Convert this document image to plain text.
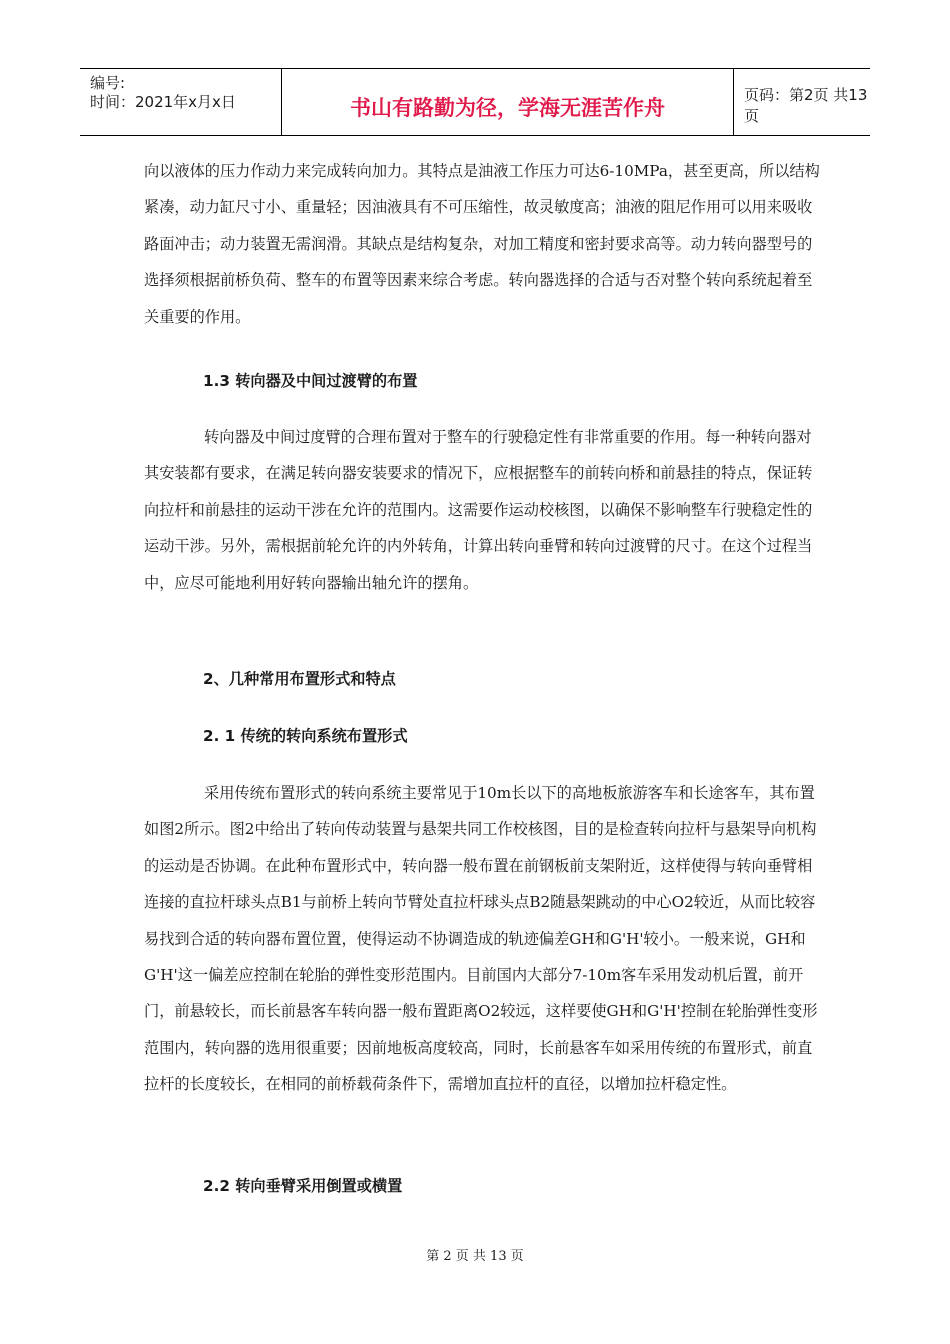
编号:
时间：2021年x月x日	书山有路勤为径，学海无涯苦作舟
页码：第2页 共13页

向以液体的压力作动力来完成转向加力。其特点是油液工作压力可达6-10MPa，甚至更高，所以结构紧凑，动力缸尺寸小、重量轻；因油液具有不可压缩性，故灵敏度高；油液的阻尼作用可以用来吸收路面冲击；动力装置无需润滑。其缺点是结构复杂，对加工精度和密封要求高等。动力转向器型号的选择须根据前桥负荷、整车的布置等因素来综合考虑。转向器选择的合适与否对整个转向系统起着至关重要的作用。

1.3 转向器及中间过渡臂的布置

转向器及中间过度臂的合理布置对于整车的行驶稳定性有非常重要的作用。每一种转向器对其安装都有要求，在满足转向器安装要求的情况下，应根据整车的前转向桥和前悬挂的特点，保证转向拉杆和前悬挂的运动干涉在允许的范围内。这需要作运动校核图，以确保不影响整车行驶稳定性的运动干涉。另外，需根据前轮允许的内外转角，计算出转向垂臂和转向过渡臂的尺寸。在这个过程当中，应尽可能地利用好转向器输出轴允许的摆角。

2、几种常用布置形式和特点
2. 1 传统的转向系统布置形式

采用传统布置形式的转向系统主要常见于10m长以下的高地板旅游客车和长途客车，其布置如图2所示。图2中给出了转向传动装置与悬架共同工作校核图，目的是检查转向拉杆与悬架导向机构的运动是否协调。在此种布置形式中，转向器一般布置在前钢板前支架附近，这样使得与转向垂臂相连接的直拉杆球头点B1与前桥上转向节臂处直拉杆球头点B2随悬架跳动的中心O2较近，从而比较容易找到合适的转向器布置位置，使得运动不协调造成的轨迹偏差GH和G'H'较小。一般来说，GH和G'H'这一偏差应控制在轮胎的弹性变形范围内。目前国内大部分7-10m客车采用发动机后置，前开门，前悬较长，而长前悬客车转向器一般布置距离O2较远，这样要使GH和G'H'控制在轮胎弹性变形范围内，转向器的选用很重要；因前地板高度较高，同时，长前悬客车如采用传统的布置形式，前直拉杆的长度较长，在相同的前桥载荷条件下，需增加直拉杆的直径，以增加拉杆稳定性。

2.2 转向垂臂采用倒置或横置
第 2 页 共 13 页
